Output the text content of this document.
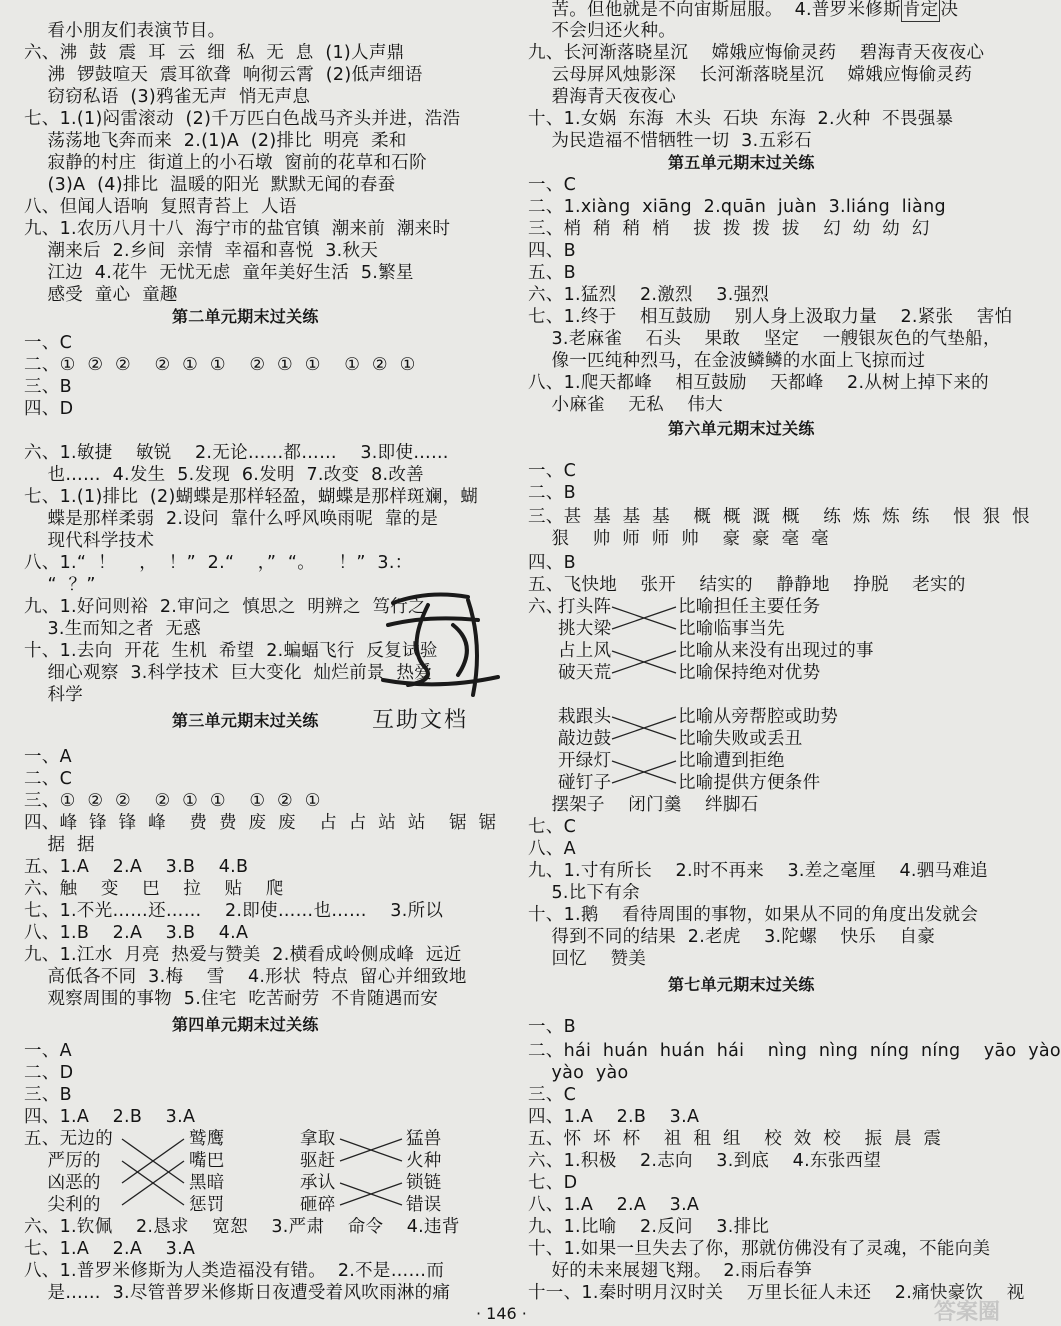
看小朋友们表演节目。
六、沸  鼓  震  耳  云  细  私  无  息  (1)人声鼎
沸  锣鼓喧天  震耳欲聋  响彻云霄  (2)低声细语
窃窃私语  (3)鸦雀无声  悄无声息
七、1.(1)闷雷滚动  (2)千万匹白色战马齐头并进，浩浩
荡荡地飞奔而来  2.(1)A  (2)排比  明亮  柔和
寂静的村庄  街道上的小石墩  窗前的花草和石阶
(3)A  (4)排比  温暖的阳光  默默无闻的春蚕
八、但闻人语响  复照青苔上  人语
九、1.农历八月十八  海宁市的盐官镇  潮来前  潮来时
潮来后  2.乡间  亲情  幸福和喜悦  3.秋天
江边  4.花牛  无忧无虑  童年美好生活  5.繁星
感受  童心  童趣
第二单元期末过关练
一、C
二、①  ②  ②    ②  ①  ①    ②  ①  ①    ①  ②  ①
三、B
四、D
六、1.敏捷    敏锐    2.无论……都……    3.即使……
也……  4.发生  5.发现  6.发明  7.改变  8.改善
七、1.(1)排比  (2)蝴蝶是那样轻盈，蝴蝶是那样斑斓，蝴
蝶是那样柔弱  2.设问  靠什么呼风唤雨呢  靠的是
现代科学技术
八、1.“  ！    ，  ！”  2.“    ，”  “。    ！”  3.：
“  ？”
九、1.好问则裕  2.审问之  慎思之  明辨之  笃行之
3.生而知之者  无惑
十、1.去向  开花  生机  希望  2.蝙蝠飞行  反复试验
细心观察  3.科学技术  巨大变化  灿烂前景  热爱
科学
第三单元期末过关练
一、A
二、C
三、①  ②  ②    ②  ①  ①    ①  ②  ①
四、峰  锋  锋  峰    费  费  废  废    占  占  站  站    锯  锯
据  据
五、1.A    2.A    3.B    4.B
六、触    变    巴    拉    贴    爬
七、1.不光……还……    2.即使……也……    3.所以
八、1.B    2.A    3.B    4.A
九、1.江水  月亮  热爱与赞美  2.横看成岭侧成峰  远近
高低各不同  3.梅    雪    4.形状  特点  留心并细致地
观察周围的事物  5.住宅  吃苦耐劳  不肯随遇而安
第四单元期末过关练
一、A
二、D
三、B
四、1.A    2.B    3.A
五、无边的
严厉的
凶恶的
尖利的
六、1.钦佩    2.恳求    宽恕    3.严肃    命令    4.违背
七、1.A    2.A    3.A
八、1.普罗米修斯为人类造福没有错。  2.不是……而
是……  3.尽管普罗米修斯日夜遭受着风吹雨淋的痛
鹫鹰
嘴巴
黑暗
惩罚
拿取
驱赶
承认
砸碎
猛兽
火种
锁链
错误
九、长河渐落晓星沉    嫦娥应悔偷灵药    碧海青天夜夜心
云母屏风烛影深    长河渐落晓星沉    嫦娥应悔偷灵药
碧海青天夜夜心
十、1.女娲  东海  木头  石块  东海  2.火种  不畏强暴
为民造福不惜牺牲一切  3.五彩石
第五单元期末过关练
一、C
二、1.xiàng  xiāng  2.quān  juàn  3.liáng  liàng
三、梢  稍  稍  梢    拔  拨  拨  拔    幻  幼  幼  幻
四、B
五、B
六、1.猛烈    2.激烈    3.强烈
七、1.终于    相互鼓励    别人身上汲取力量    2.紧张    害怕
3.老麻雀    石头    果敢    坚定    一艘银灰色的气垫船，
像一匹纯种烈马，在金波鳞鳞的水面上飞掠而过
八、1.爬天都峰    相互鼓励    天都峰    2.从树上掉下来的
小麻雀    无私    伟大
第六单元期末过关练
一、C
二、B
三、甚  基  基  基    概  概  溉  概    练  炼  炼  练    恨  狠  恨
狠    帅  师  师  帅    豪  豪  毫  毫
四、B
五、飞快地    张开    结实的    静静地    挣脱    老实的
七、C
八、A
九、1.寸有所长    2.时不再来    3.差之毫厘    4.驷马难追
5.比下有余
十、1.鹅    看待周围的事物，如果从不同的角度出发就会
得到不同的结果  2.老虎    3.陀螺    快乐    自豪
回忆    赞美
第七单元期末过关练
一、B
二、hái  huán  huán  hái    nìng  nìng  níng  níng    yāo  yào
yào  yào
三、C
四、1.A    2.B    3.A
五、怀  坏  杯    祖  租  组    校  效  校    振  晨  震
六、1.积极    2.志向    3.到底    4.东张西望
七、D
八、1.A    2.A    3.A
九、1.比喻    2.反问    3.排比
十、1.如果一旦失去了你，那就仿佛没有了灵魂，不能向美
好的未来展翅飞翔。  2.雨后春笋
十一、1.秦时明月汉时关    万里长征人未还    2.痛快豪饮    视
苦。但他就是不向宙斯屈服。  4.普罗米修斯 肯定 决
不会归还火种。
六、
打头阵
挑大梁
占上风
破天荒
比喻担任主要任务
比喻临事当先
比喻从来没有出现过的事
比喻保持绝对优势
栽跟头
敲边鼓
开绿灯
碰钉子
比喻从旁帮腔或助势
比喻失败或丢丑
比喻遭到拒绝
比喻提供方便条件
摆架子    闭门羹    绊脚石
互助文档
· 146 ·	答案圈
